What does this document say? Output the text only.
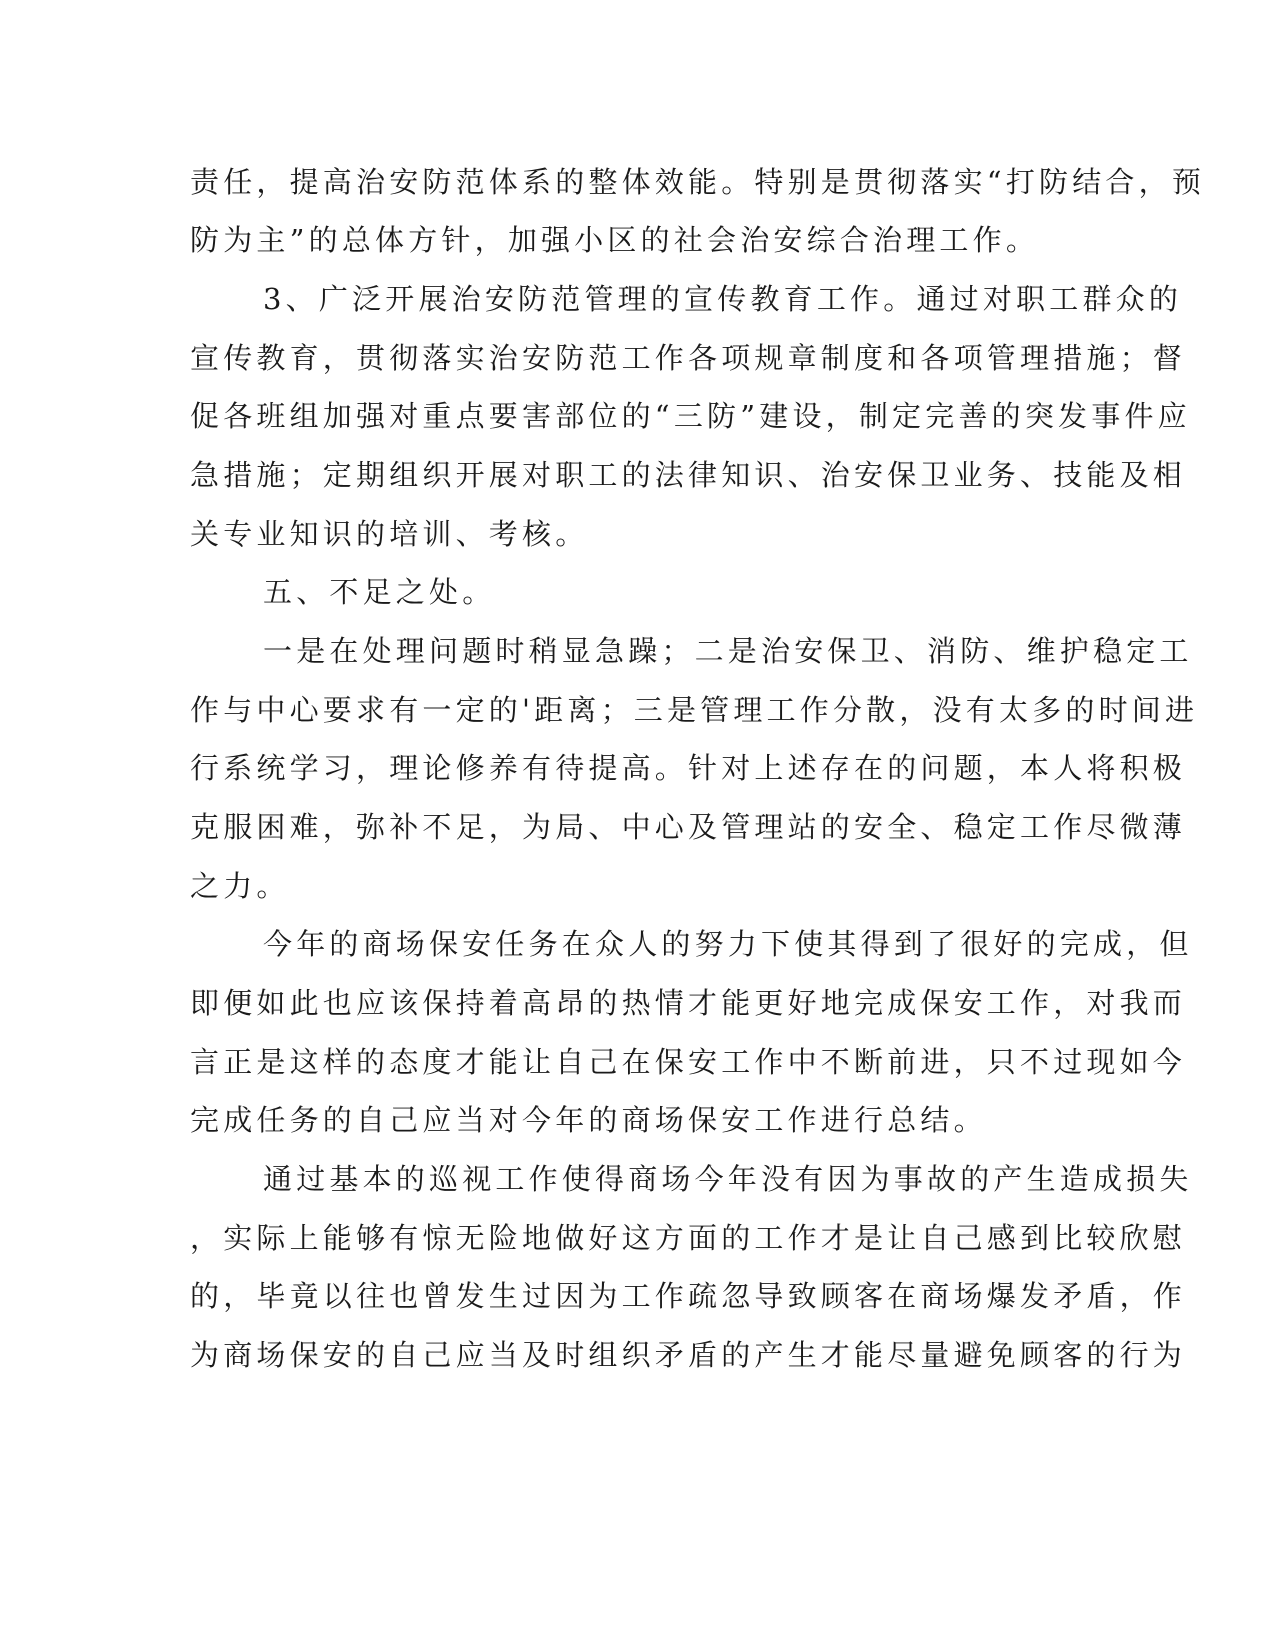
责任，提高治安防范体系的整体效能。特别是贯彻落实“打防结合，预
防为主”的总体方针，加强小区的社会治安综合治理工作。
3、广泛开展治安防范管理的宣传教育工作。通过对职工群众的
宣传教育，贯彻落实治安防范工作各项规章制度和各项管理措施；督
促各班组加强对重点要害部位的“三防”建设，制定完善的突发事件应
急措施；定期组织开展对职工的法律知识、治安保卫业务、技能及相
关专业知识的培训、考核。
五、不足之处。
一是在处理问题时稍显急躁；二是治安保卫、消防、维护稳定工
作与中心要求有一定的'距离；三是管理工作分散，没有太多的时间进
行系统学习，理论修养有待提高。针对上述存在的问题，本人将积极
克服困难，弥补不足，为局、中心及管理站的安全、稳定工作尽微薄
之力。
今年的商场保安任务在众人的努力下使其得到了很好的完成，但
即便如此也应该保持着高昂的热情才能更好地完成保安工作，对我而
言正是这样的态度才能让自己在保安工作中不断前进，只不过现如今
完成任务的自己应当对今年的商场保安工作进行总结。
通过基本的巡视工作使得商场今年没有因为事故的产生造成损失
，实际上能够有惊无险地做好这方面的工作才是让自己感到比较欣慰
的，毕竟以往也曾发生过因为工作疏忽导致顾客在商场爆发矛盾，作
为商场保安的自己应当及时组织矛盾的产生才能尽量避免顾客的行为
